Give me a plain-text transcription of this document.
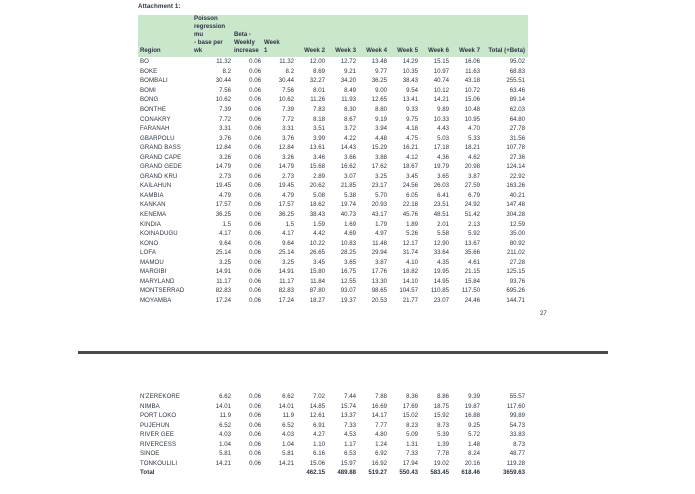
Attachment 1:
Region	Poisson
regression
mu
- base per wk	Beta -
Weekly
increase	Week
1	Week 2	Week 3	Week 4	Week 5	Week 6	Week 7	Total (+Beta)
BO	11.32	0.06	11.32	12.00	12.72	13.48	14.29	15.15	16.06	95.02
BOKE	8.2	0.06	8.2	8.69	9.21	9.77	10.35	10.97	11.63	68.83
BOMBALI	30.44	0.06	30.44	32.27	34.20	36.25	38.43	40.74	43.18	255.51
BOMI	7.56	0.06	7.56	8.01	8.49	9.00	9.54	10.12	10.72	63.46
BONG	10.62	0.06	10.62	11.26	11.93	12.65	13.41	14.21	15.06	89.14
BONTHE	7.39	0.06	7.39	7.83	8.30	8.80	9.33	9.89	10.48	62.03
CONAKRY	7.72	0.06	7.72	8.18	8.67	9.19	9.75	10.33	10.95	64.80
FARANAH	3.31	0.06	3.31	3.51	3.72	3.94	4.18	4.43	4.70	27.78
GBARPOLU	3.76	0.06	3.76	3.99	4.22	4.48	4.75	5.03	5.33	31.56
GRAND BASS	12.84	0.06	12.84	13.61	14.43	15.29	16.21	17.18	18.21	107.78
GRAND CAPE	3.26	0.06	3.26	3.46	3.66	3.88	4.12	4.36	4.62	27.36
GRAND GEDE	14.79	0.06	14.79	15.68	16.62	17.62	18.67	19.79	20.98	124.14
GRAND KRU	2.73	0.06	2.73	2.89	3.07	3.25	3.45	3.65	3.87	22.92
KAILAHUN	19.45	0.06	19.45	20.62	21.85	23.17	24.56	26.03	27.59	163.26
KAMBIA	4.79	0.06	4.79	5.08	5.38	5.70	6.05	6.41	6.79	40.21
KANKAN	17.57	0.06	17.57	18.62	19.74	20.93	22.18	23.51	24.92	147.48
KENEMA	36.25	0.06	36.25	38.43	40.73	43.17	45.76	48.51	51.42	304.28
KINDIA	1.5	0.06	1.5	1.59	1.69	1.79	1.89	2.01	2.13	12.59
KOINADUGU	4.17	0.06	4.17	4.42	4.69	4.97	5.26	5.58	5.92	35.00
KONO	9.64	0.06	9.64	10.22	10.83	11.48	12.17	12.90	13.67	80.92
LOFA	25.14	0.06	25.14	26.65	28.25	29.94	31.74	33.64	35.66	211.02
MAMOU	3.25	0.06	3.25	3.45	3.65	3.87	4.10	4.35	4.61	27.28
MARGIBI	14.91	0.06	14.91	15.80	16.75	17.76	18.82	19.95	21.15	125.15
MARYLAND	11.17	0.06	11.17	11.84	12.55	13.30	14.10	14.95	15.84	93.76
MONTSERRAD	82.83	0.06	82.83	87.80	93.07	98.65	104.57	110.85	117.50	695.26
MOYAMBA	17.24	0.06	17.24	18.27	19.37	20.53	21.77	23.07	24.46	144.71
27
N'ZEREKORE	6.62	0.06	6.62	7.02	7.44	7.88	8.36	8.86	9.39	55.57
NIMBA	14.01	0.06	14.01	14.85	15.74	16.69	17.69	18.75	19.87	117.60
PORT LOKO	11.9	0.06	11.9	12.61	13.37	14.17	15.02	15.92	16.88	99.89
PUJEHUN	6.52	0.06	6.52	6.91	7.33	7.77	8.23	8.73	9.25	54.73
RIVER GEE	4.03	0.06	4.03	4.27	4.53	4.80	5.09	5.39	5.72	33.83
RIVERCESS	1.04	0.06	1.04	1.10	1.17	1.24	1.31	1.39	1.48	8.73
SINOE	5.81	0.06	5.81	6.16	6.53	6.92	7.33	7.78	8.24	48.77
TONKOULILI	14.21	0.06	14.21	15.06	15.97	16.92	17.94	19.02	20.16	119.28
Total				462.15	489.88	519.27	550.43	583.45	618.46	3659.63
